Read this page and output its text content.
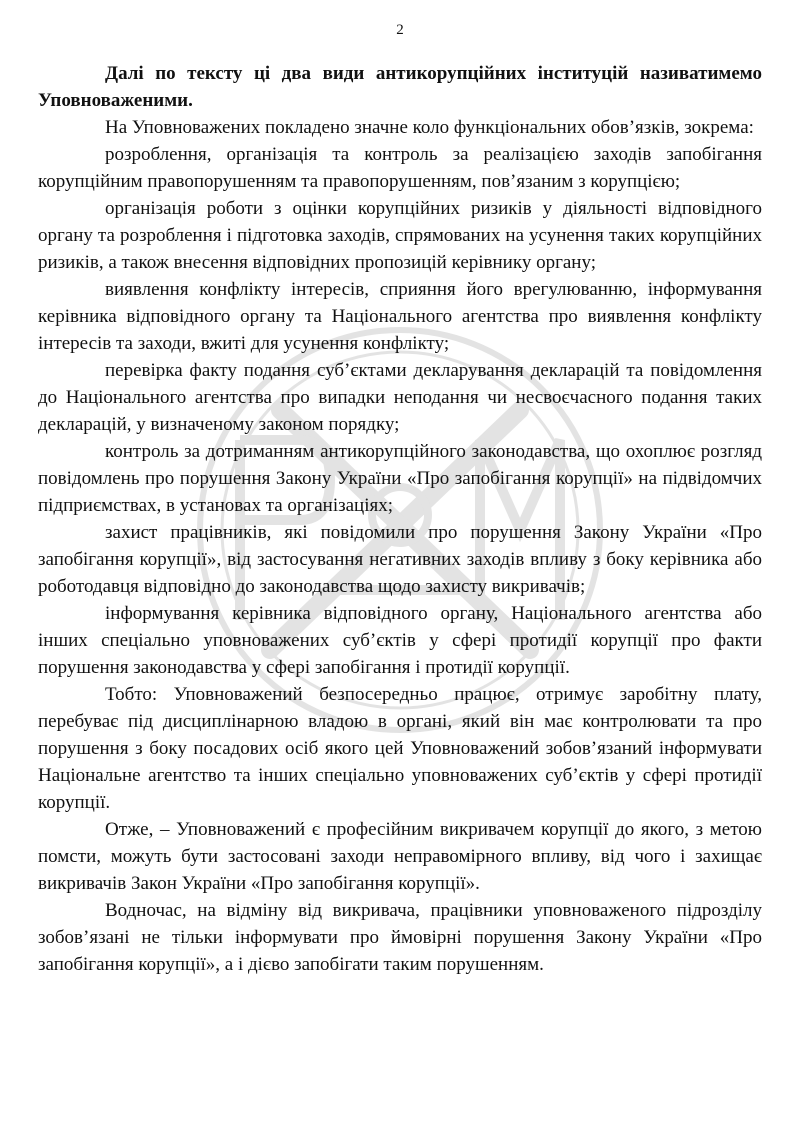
2

Далі по тексту ці два види антикорупційних інституцій називатимемо Уповноваженими.

На Уповноважених покладено значне коло функціональних обов’язків, зокрема:

розроблення, організація та контроль за реалізацією заходів запобігання корупційним правопорушенням та правопорушенням, пов’язаним з корупцією;

організація роботи з оцінки корупційних ризиків у діяльності відповідного органу та розроблення і підготовка заходів, спрямованих на усунення таких корупційних ризиків, а також внесення відповідних пропозицій керівнику органу;

виявлення конфлікту інтересів, сприяння його врегулюванню, інформування керівника відповідного органу та Національного агентства про виявлення конфлікту інтересів та заходи, вжиті для усунення конфлікту;

перевірка факту подання суб’єктами декларування декларацій та повідомлення до Національного агентства про випадки неподання чи несвоєчасного подання таких декларацій, у визначеному законом порядку;

контроль за дотриманням антикорупційного законодавства, що охоплює розгляд повідомлень про порушення Закону України «Про запобігання корупції» на підвідомчих підприємствах, в установах та організаціях;

захист працівників, які повідомили про порушення Закону України «Про запобігання корупції», від застосування негативних заходів впливу з боку керівника або роботодавця відповідно до законодавства щодо захисту викривачів;

інформування керівника відповідного органу, Національного агентства або інших спеціально уповноважених суб’єктів у сфері протидії корупції про факти порушення законодавства у сфері запобігання і протидії корупції.

Тобто: Уповноважений безпосередньо працює, отримує заробітну плату, перебуває під дисциплінарною владою в органі, який він має контролювати та про порушення з боку посадових осіб якого цей Уповноважений зобов’язаний інформувати Національне агентство та інших спеціально уповноважених суб’єктів у сфері протидії корупції.

Отже, – Уповноважений є професійним викривачем корупції до якого, з метою помсти, можуть бути застосовані заходи неправомірного впливу, від чого і захищає викривачів Закон України «Про запобігання корупції».

Водночас, на відміну від викривача, працівники уповноваженого підрозділу зобов’язані не тільки інформувати про ймовірні порушення Закону України «Про запобігання корупції», а і дієво запобігати таким порушенням.
